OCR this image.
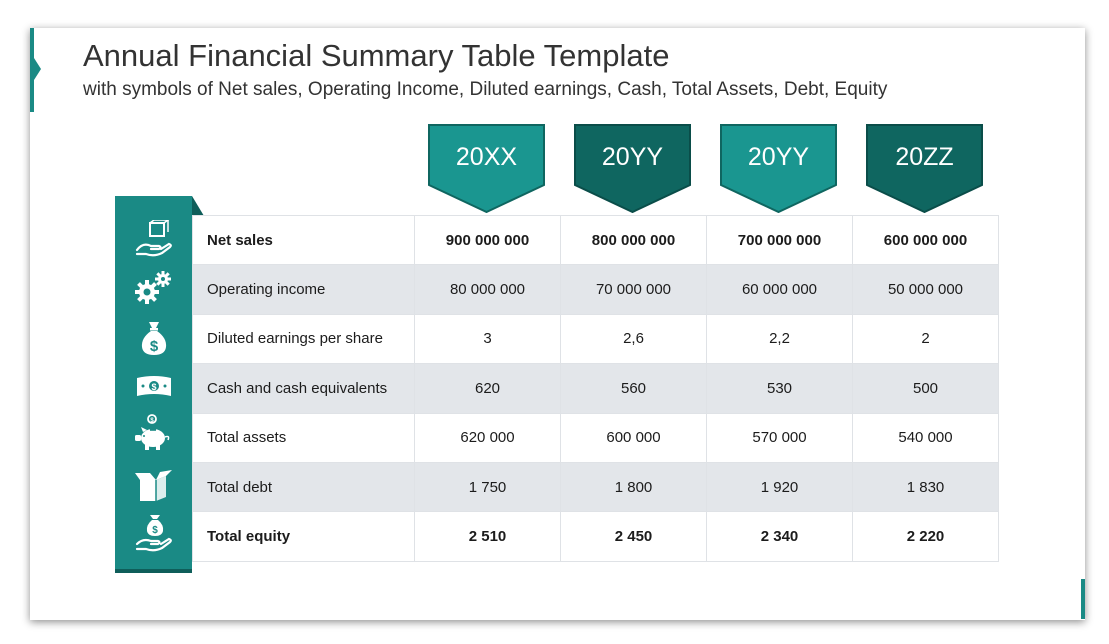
Annual Financial Summary Table Template
with symbols of Net sales, Operating Income, Diluted earnings, Cash, Total Assets, Debt, Equity
20XX	20YY	20YY	20ZZ
$
$
$
$
Net sales	900 000 000	800 000 000	700 000 000	600 000 000
Operating income	80 000 000	70 000 000	60 000 000	50 000 000
Diluted earnings per share	3	2,6	2,2	2
Cash and cash equivalents	620	560	530	500
Total assets	620 000	600 000	570 000	540 000
Total debt	1 750	1 800	1 920	1 830
Total equity	2 510	2 450	2 340	2 220
